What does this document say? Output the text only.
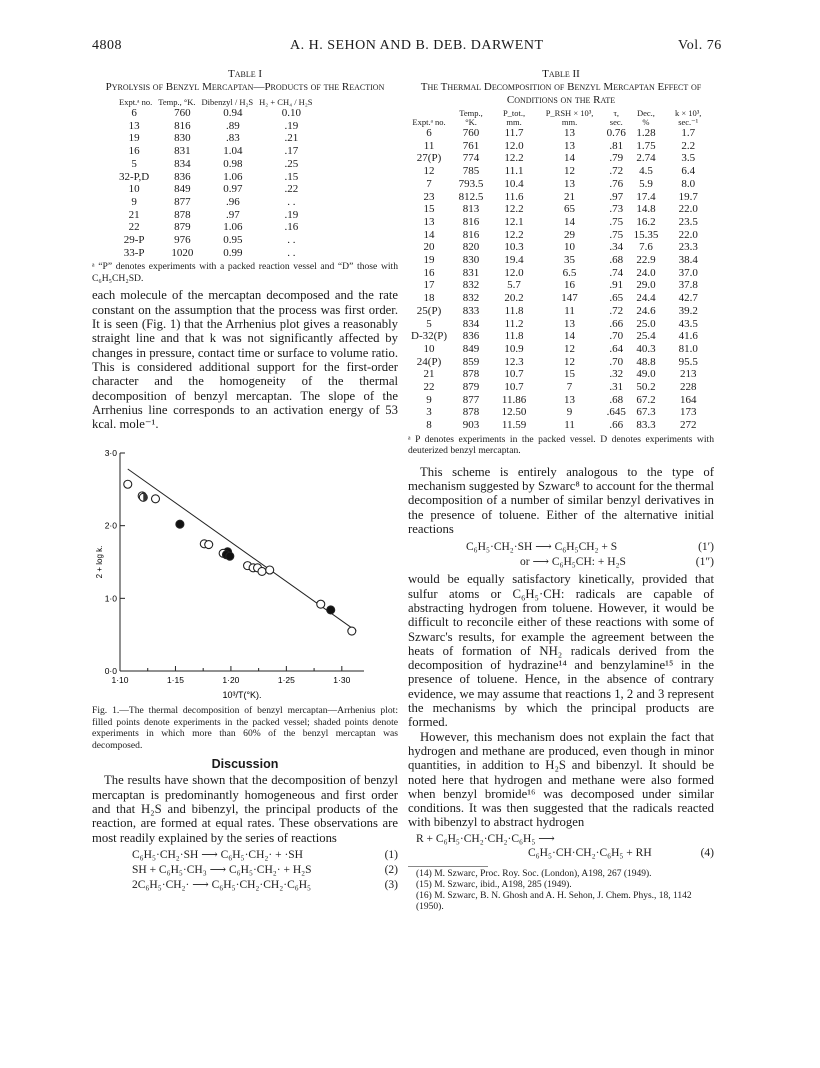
4808	A. H. SEHON AND B. DEB. DARWENT	Vol. 76
Table I
Pyrolysis of Benzyl Mercaptan—Products of the Reaction
Expt.ᵃ no.	Temp., °K.	Dibenzyl / H₂S	H₂ + CH₄ / H₂S
6	760	0.94	0.10
13	816	.89	.19
19	830	.83	.21
16	831	1.04	.17
5	834	0.98	.25
32-P,D	836	1.06	.15
10	849	0.97	.22
9	877	.96	. .
21	878	.97	.19
22	879	1.06	.16
29-P	976	0.95	. .
33-P	1020	0.99	. .
ᵃ “P” denotes experiments with a packed reaction vessel and “D” those with C₆H₅CH₂SD.
each molecule of the mercaptan decomposed and the rate constant on the assumption that the process was first order. It is seen (Fig. 1) that the Arrhenius plot gives a reasonably straight line and that k was not significantly affected by changes in pressure, contact time or surface to volume ratio. This is considered additional support for the first-order character and the homogeneity of the thermal decomposition of benzyl mercaptan. The slope of the Arrhenius line corresponds to an activation energy of 53 kcal. mole⁻¹.
1·10	1·15	1·20	1·25	1·30
0·0
1·0
2·0
3·0
10³/T(°K).
2 + log k.
Fig. 1.—The thermal decomposition of benzyl mercaptan—Arrhenius plot: filled points denote experiments in the packed vessel; shaded points denote experiments in which more than 60% of the benzyl mercaptan was decomposed.
Discussion
The results have shown that the decomposition of benzyl mercaptan is predominantly homogeneous and first order and that H₂S and bibenzyl, the principal products of the reaction, are formed at equal rates. These observations are most readily explained by the series of reactions
C₆H₅·CH₂·SH ⟶ C₆H₅·CH₂· + ·SH	(1)
SH + C₆H₅·CH₃ ⟶ C₆H₅·CH₂· + H₂S	(2)
2C₆H₅·CH₂· ⟶ C₆H₅·CH₂·CH₂·C₆H₅	(3)
Table II
The Thermal Decomposition of Benzyl Mercaptan Effect of Conditions on the Rate
Expt.ᵃ no.	Temp., °K.	P_tot., mm.	P_RSH × 10³, mm.	τ, sec.	Dec., %	k × 10³, sec.⁻¹
6	760	11.7	13	0.76	1.28	1.7
11	761	12.0	13	.81	1.75	2.2
27(P)	774	12.2	14	.79	2.74	3.5
12	785	11.1	12	.72	4.5	6.4
7	793.5	10.4	13	.76	5.9	8.0
23	812.5	11.6	21	.97	17.4	19.7
15	813	12.2	65	.73	14.8	22.0
13	816	12.1	14	.75	16.2	23.5
14	816	12.2	29	.75	15.35	22.0
20	820	10.3	10	.34	7.6	23.3
19	830	19.4	35	.68	22.9	38.4
16	831	12.0	6.5	.74	24.0	37.0
17	832	5.7	16	.91	29.0	37.8
18	832	20.2	147	.65	24.4	42.7
25(P)	833	11.8	11	.72	24.6	39.2
5	834	11.2	13	.66	25.0	43.5
D-32(P)	836	11.8	14	.70	25.4	41.6
10	849	10.9	12	.64	40.3	81.0
24(P)	859	12.3	12	.70	48.8	95.5
21	878	10.7	15	.32	49.0	213
22	879	10.7	7	.31	50.2	228
9	877	11.86	13	.68	67.2	164
3	878	12.50	9	.645	67.3	173
8	903	11.59	11	.66	83.3	272
ᵃ P denotes experiments in the packed vessel. D denotes experiments with deuterized benzyl mercaptan.
This scheme is entirely analogous to the type of mechanism suggested by Szwarc⁸ to account for the thermal decomposition of a number of similar benzyl derivatives in the presence of toluene. Either of the alternative initial reactions
C₆H₅·CH₂·SH ⟶ C₆H₅CH₂ + S	(1′)
or ⟶ C₆H₅CH: + H₂S	(1″)
would be equally satisfactory kinetically, provided that sulfur atoms or C₆H₅·CH: radicals are capable of abstracting hydrogen from toluene. However, it would be difficult to reconcile either of these reactions with some of Szwarc's results, for example the agreement between the heats of formation of NH₂ radicals derived from the decomposition of hydrazine¹⁴ and benzylamine¹⁵ in the presence of toluene. Hence, in the absence of contrary evidence, we may assume that reactions 1, 2 and 3 represent the mechanisms by which the principal products are formed.
However, this mechanism does not explain the fact that hydrogen and methane are produced, even though in minor quantities, in addition to H₂S and bibenzyl. It should be noted here that hydrogen and methane were also formed when benzyl bromide¹⁶ was decomposed under similar conditions. It was then suggested that the radicals reacted with bibenzyl to abstract hydrogen
R + C₆H₅·CH₂·CH₂·C₆H₅ ⟶
C₆H₅·CH·CH₂·C₆H₅ + RH	(4)
(14) M. Szwarc, Proc. Roy. Soc. (London), A198, 267 (1949).
(15) M. Szwarc, ibid., A198, 285 (1949).
(16) M. Szwarc, B. N. Ghosh and A. H. Sehon, J. Chem. Phys., 18, 1142 (1950).
